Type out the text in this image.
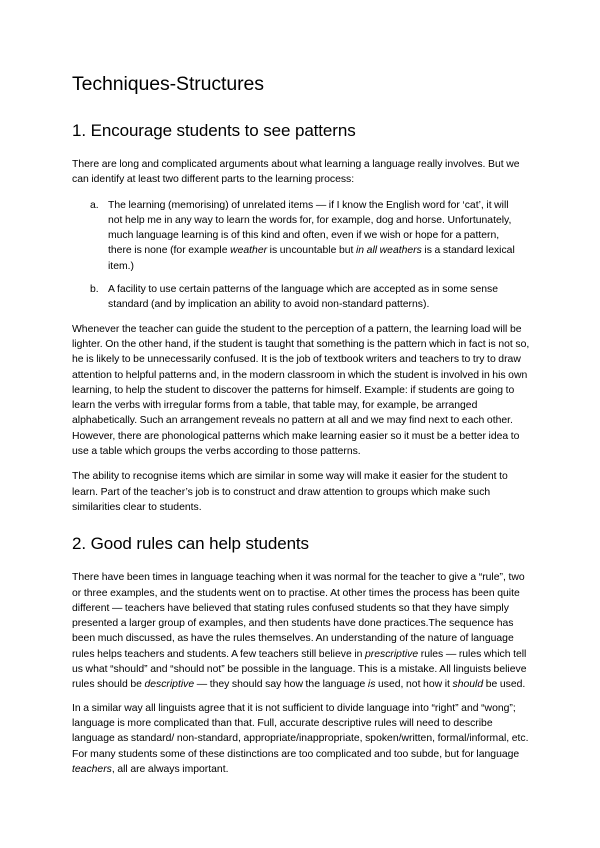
Techniques-Structures
1. Encourage students to see patterns

There are long and complicated arguments about what learning a language really involves. But we can identify at least two different parts to the learning process:

a. The learning (memorising) of unrelated items — if I know the English word for ‘cat’, it will not help me in any way to learn the words for, for example, dog and horse. Unfortunately, much language learning is of this kind and often, even if we wish or hope for a pattern, there is none (for example weather is uncountable but in all weathers is a standard lexical item.)
b. A facility to use certain patterns of the language which are accepted as in some sense standard (and by implication an ability to avoid non-standard patterns).

Whenever the teacher can guide the student to the perception of a pattern, the learning load will be lighter. On the other hand, if the student is taught that something is the pattern which in fact is not so, he is likely to be unnecessarily confused. It is the job of textbook writers and teachers to try to draw attention to helpful patterns and, in the modern classroom in which the student is involved in his own learning, to help the student to discover the patterns for himself. Example: if students are going to learn the verbs with irregular forms from a table, that table may, for example, be arranged alphabetically. Such an arrangement reveals no pattern at all and we may find next to each other. However, there are phonological patterns which make learning easier so it must be a better idea to use a table which groups the verbs according to those patterns.

The ability to recognise items which are similar in some way will make it easier for the student to learn. Part of the teacher’s job is to construct and draw attention to groups which make such similarities clear to students.

2. Good rules can help students

There have been times in language teaching when it was normal for the teacher to give a “rule”, two or three examples, and the students went on to practise. At other times the process has been quite different — teachers have believed that stating rules confused students so that they have simply presented a larger group of examples, and then students have done practices.The sequence has been much discussed, as have the rules themselves. An understanding of the nature of language rules helps teachers and students. A few teachers still believe in prescriptive rules — rules which tell us what “should” and “should not” be possible in the language. This is a mistake. All linguists believe rules should be descriptive — they should say how the language is used, not how it should be used.

In a similar way all linguists agree that it is not sufficient to divide language into “right” and “wong”; language is more complicated than that. Full, accurate descriptive rules will need to describe language as standard/ non-standard, appropriate/inappropriate, spoken/written, formal/informal, etc. For many students some of these distinctions are too complicated and too subde, but for language teachers, all are always important.
